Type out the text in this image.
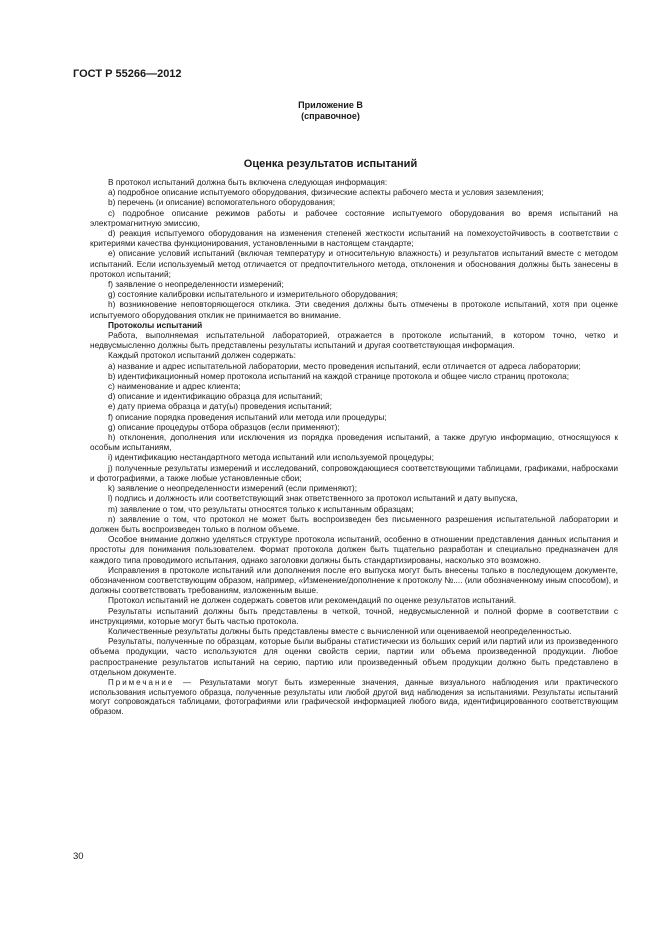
ГОСТ Р 55266—2012
Приложение В
(справочное)
Оценка результатов испытаний

В протокол испытаний должна быть включена следующая информация:

а) подробное описание испытуемого оборудования, физические аспекты рабочего места и условия заземления;

b) перечень (и описание) вспомогательного оборудования;

с) подробное описание режимов работы и рабочее состояние испытуемого оборудования во время испытаний на электромагнитную эмиссию,

d) реакция испытуемого оборудования на изменения степеней жесткости испытаний на помехоустойчивость в соответствии с критериями качества функционирования, установленными в настоящем стандарте;

е) описание условий испытаний (включая температуру и относительную влажность) и результатов испытаний вместе с методом испытаний. Если используемый метод отличается от предпочтительного метода, отклонения и обоснования должны быть занесены в протокол испытаний;

f) заявление о неопределенности измерений;

g) состояние калибровки испытательного и измерительного оборудования;

h) возникновение неповторяющегося отклика. Эти сведения должны быть отмечены в протоколе испытаний, хотя при оценке испытуемого оборудования отклик не принимается во внимание.

Протоколы испытаний

Работа, выполняемая испытательной лабораторией, отражается в протоколе испытаний, в котором точно, четко и недвусмысленно должны быть представлены результаты испытаний и другая соответствующая информация.

Каждый протокол испытаний должен содержать:

а) название и адрес испытательной лаборатории, место проведения испытаний, если отличается от адреса лаборатории;

b) идентификационный номер протокола испытаний на каждой странице протокола и общее число страниц протокола;

с) наименование и адрес клиента;

d) описание и идентификацию образца для испытаний;

е) дату приема образца и дату(ы) проведения испытаний;

f) описание порядка проведения испытаний или метода или процедуры;

g) описание процедуры отбора образцов (если применяют);

h) отклонения, дополнения или исключения из порядка проведения испытаний, а также другую информацию, относящуюся к особым испытаниям,

i) идентификацию нестандартного метода испытаний или используемой процедуры;

j) полученные результаты измерений и исследований, сопровождающиеся соответствующими таблицами, графиками, набросками и фотографиями, а также любые установленные сбои;

k) заявление о неопределенности измерений (если применяют);

l) подпись и должность или соответствующий знак ответственного за протокол испытаний и дату выпуска,

m) заявление о том, что результаты относятся только к испытанным образцам;

n) заявление о том, что протокол не может быть воспроизведен без письменного разрешения испытательной лаборатории и должен быть воспроизведен только в полном объеме.

Особое внимание должно уделяться структуре протокола испытаний, особенно в отношении представления данных испытания и простоты для понимания пользователем. Формат протокола должен быть тщательно разработан и специально предназначен для каждого типа проводимого испытания, однако заголовки должны быть стандартизированы, насколько это возможно.

Исправления в протоколе испытаний или дополнения после его выпуска могут быть внесены только в последующем документе, обозначенном соответствующим образом, например, «Изменение/дополнение к протоколу №.... (или обозначенному иным способом), и должны соответствовать требованиям, изложенным выше.

Протокол испытаний не должен содержать советов или рекомендаций по оценке результатов испытаний.

Результаты испытаний должны быть представлены в четкой, точной, недвусмысленной и полной форме в соответствии с инструкциями, которые могут быть частью протокола.

Количественные результаты должны быть представлены вместе с вычисленной или оцениваемой неопределенностью.

Результаты, полученные по образцам, которые были выбраны статистически из больших серий или партий или из произведенного объема продукции, часто используются для оценки свойств серии, партии или объема произведенной продукции. Любое распространение результатов испытаний на серию, партию или произведенный объем продукции должно быть представлено в отдельном документе.

Примечание — Результатами могут быть измеренные значения, данные визуального наблюдения или практического использования испытуемого образца, полученные результаты или любой другой вид наблюдения за испытаниями. Результаты испытаний могут сопровождаться таблицами, фотографиями или графической информацией любого вида, идентифицированного соответствующим образом.

30
